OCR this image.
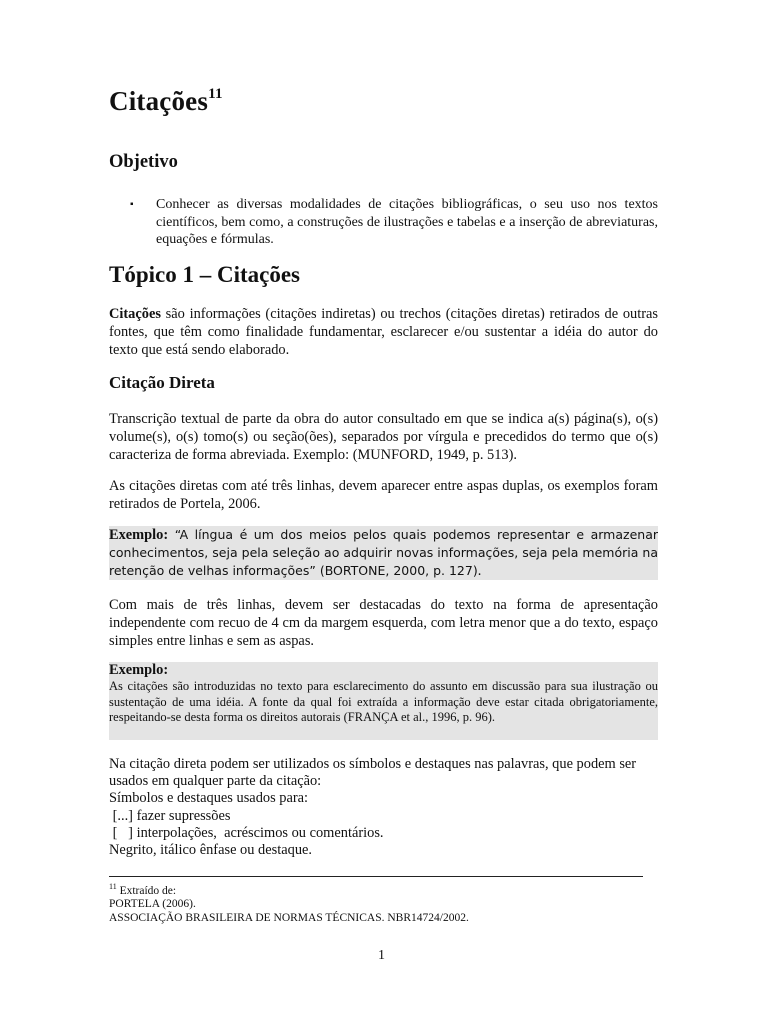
Citações$^{11}$
Objetivo
▪	Conhecer as diversas modalidades de citações bibliográficas, o seu uso nos textos científicos, bem como, a construções de ilustrações e tabelas e a inserção de abreviaturas, equações e fórmulas.
Tópico 1 – Citações
Citações são informações (citações indiretas) ou trechos (citações diretas) retirados de outras fontes, que têm como finalidade fundamentar, esclarecer e/ou sustentar a idéia do autor do texto que está sendo elaborado.
Citação Direta
Transcrição textual de parte da obra do autor consultado em que se indica a(s) página(s), o(s) volume(s), o(s) tomo(s) ou seção(ões), separados por vírgula e precedidos do termo que o(s) caracteriza de forma abreviada. Exemplo: (MUNFORD, 1949, p. 513).
As citações diretas com até três linhas, devem aparecer entre aspas duplas, os exemplos foram retirados de Portela, 2006.
Exemplo: “A língua é um dos meios pelos quais podemos representar e armazenar conhecimentos, seja pela seleção ao adquirir novas informações, seja pela memória na retenção de velhas informações” (BORTONE, 2000, p. 127).
Com mais de três linhas, devem ser destacadas do texto na forma de apresentação independente com recuo de 4 cm da margem esquerda, com letra menor que a do texto, espaço simples entre linhas e sem as aspas.
Exemplo:
As citações são introduzidas no texto para esclarecimento do assunto em discussão para sua ilustração ou sustentação de uma idéia. A fonte da qual foi extraída a informação deve estar citada obrigatoriamente, respeitando-se desta forma os direitos autorais (FRANÇA et al., 1996, p. 96).
Na citação direta podem ser utilizados os símbolos e destaques nas palavras, que podem ser usados em qualquer parte da citação:
Símbolos e destaques usados para:
[...] fazer supressões
[   ] interpolações,  acréscimos ou comentários.
Negrito, itálico ênfase ou destaque.
$^{11}$ Extraído de:
PORTELA (2006).
ASSOCIAÇÃO BRASILEIRA DE NORMAS TÉCNICAS. NBR14724/2002.
1
